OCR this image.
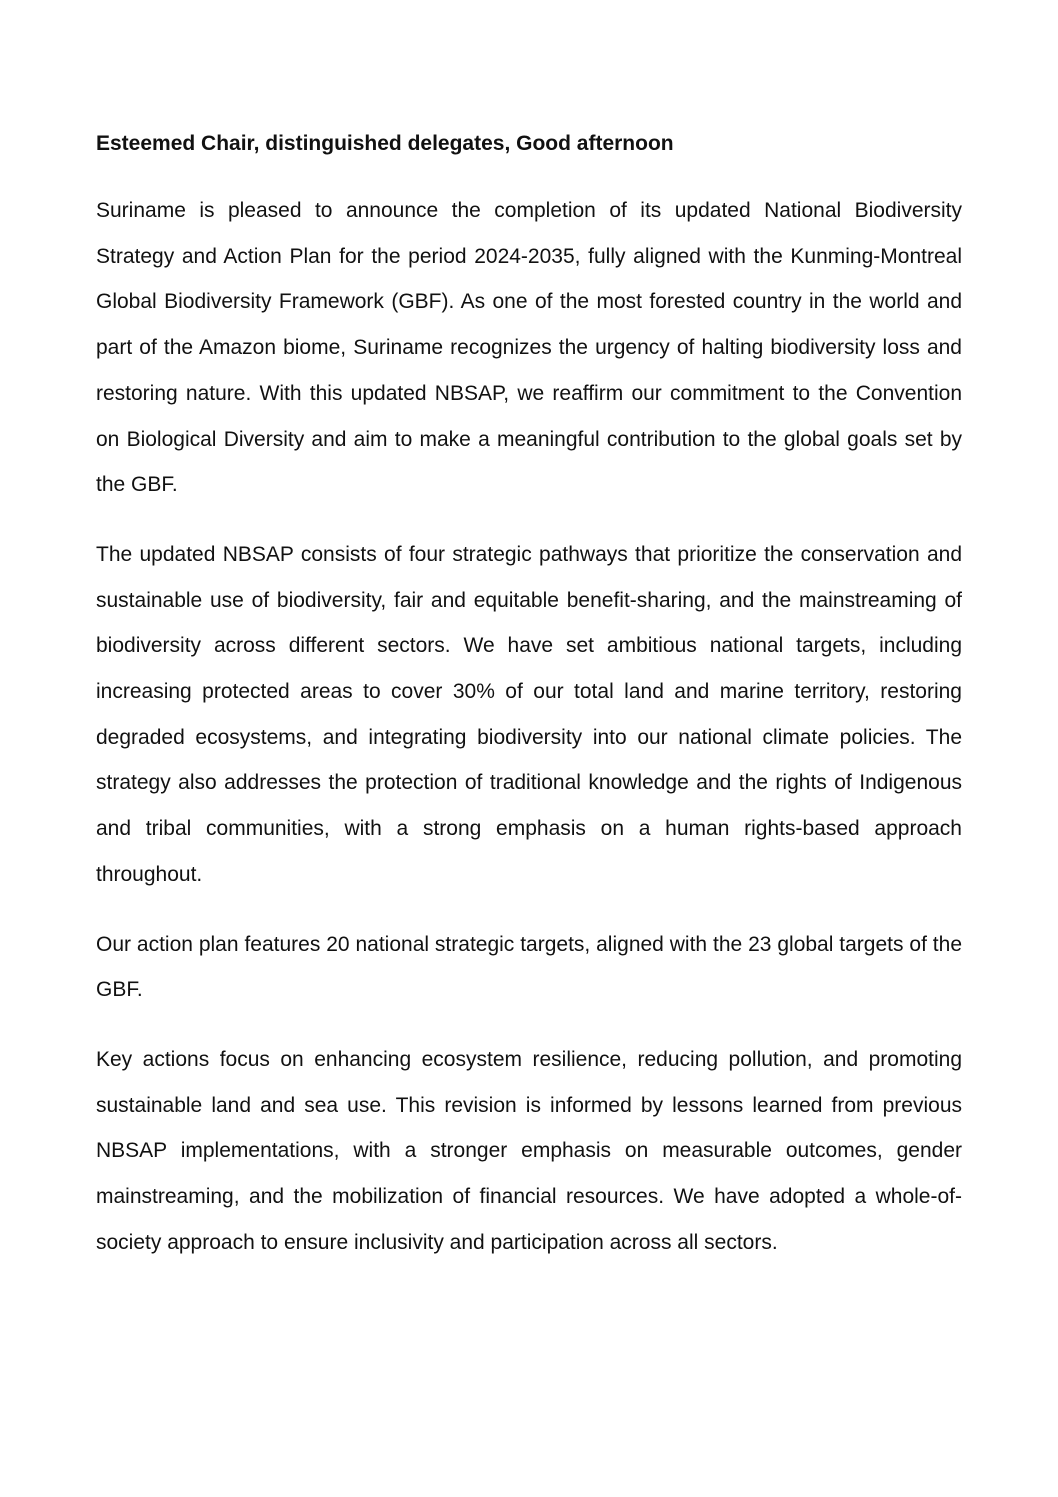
Esteemed Chair, distinguished delegates, Good afternoon

Suriname is pleased to announce the completion of its updated National Biodiversity Strategy and Action Plan for the period 2024-2035, fully aligned with the Kunming-Montreal Global Biodiversity Framework (GBF). As one of the most forested country in the world and part of the Amazon biome, Suriname recognizes the urgency of halting biodiversity loss and restoring nature. With this updated NBSAP, we reaffirm our commitment to the Convention on Biological Diversity and aim to make a meaningful contribution to the global goals set by the GBF.

The updated NBSAP consists of four strategic pathways that prioritize the conservation and sustainable use of biodiversity, fair and equitable benefit-sharing, and the mainstreaming of biodiversity across different sectors. We have set ambitious national targets, including increasing protected areas to cover 30% of our total land and marine territory, restoring degraded ecosystems, and integrating biodiversity into our national climate policies. The strategy also addresses the protection of traditional knowledge and the rights of Indigenous and tribal communities, with a strong emphasis on a human rights-based approach throughout.

Our action plan features 20 national strategic targets, aligned with the 23 global targets of the GBF.

Key actions focus on enhancing ecosystem resilience, reducing pollution, and promoting sustainable land and sea use. This revision is informed by lessons learned from previous NBSAP implementations, with a stronger emphasis on measurable outcomes, gender mainstreaming, and the mobilization of financial resources. We have adopted a whole-of-society approach to ensure inclusivity and participation across all sectors.
